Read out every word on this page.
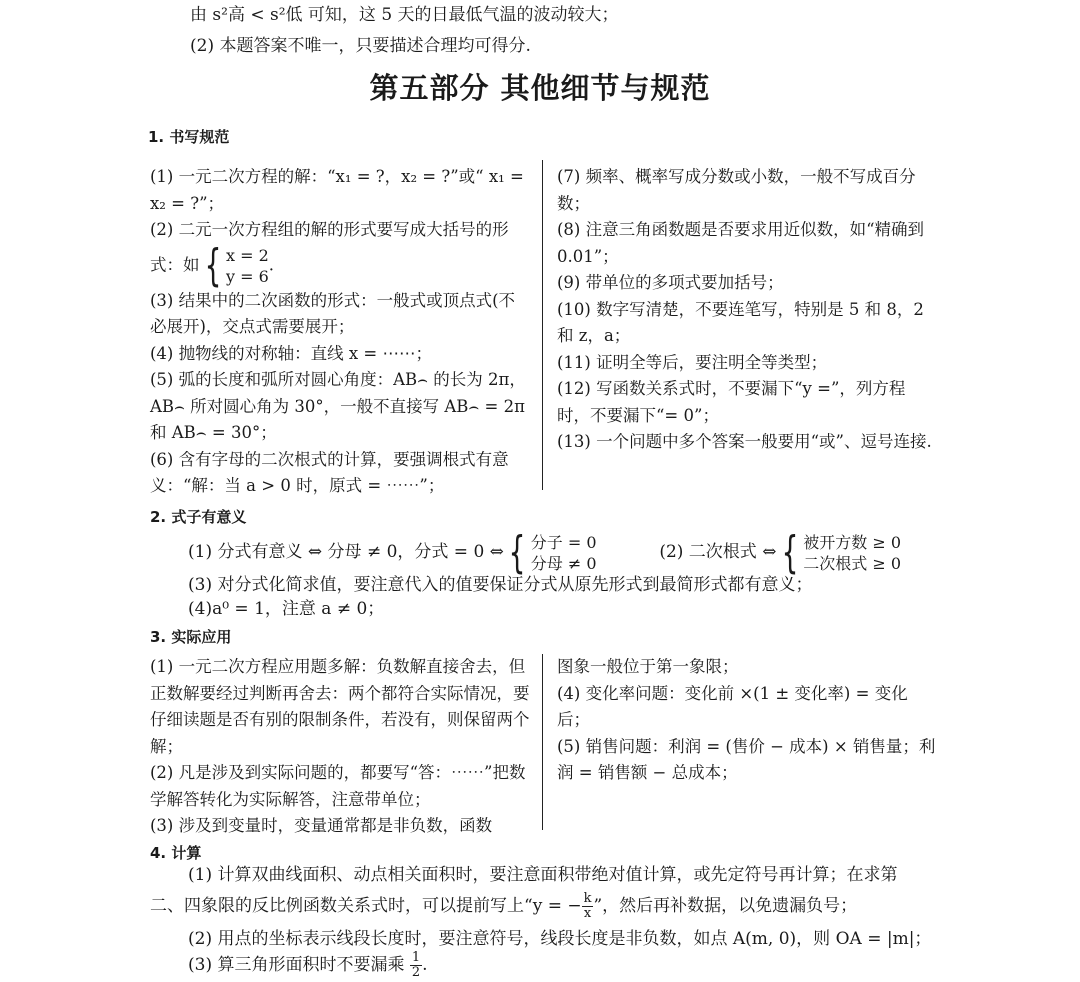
由 s²高 < s²低 可知，这 5 天的日最低气温的波动较大；
(2) 本题答案不唯一，只要描述合理均可得分.
第五部分 其他细节与规范
1. 书写规范

(1) 一元二次方程的解：“x₁ = ?，x₂ = ?”或“ x₁ = x₂ = ?”；

(2) 二元一次方程组的解的形式要写成大括号的形式：如 { x = 2
y = 6
.

(3) 结果中的二次函数的形式：一般式或顶点式(不必展开)，交点式需要展开；

(4) 抛物线的对称轴：直线 x = ⋯⋯；

(5) 弧的长度和弧所对圆心角度：AB⌢ 的长为 2π，AB⌢ 所对圆心角为 30°，一般不直接写 AB⌢ = 2π 和 AB⌢ = 30°；

(6) 含有字母的二次根式的计算，要强调根式有意义：“解：当 a > 0 时，原式 = ⋯⋯”；

(7) 频率、概率写成分数或小数，一般不写成百分数；

(8) 注意三角函数题是否要求用近似数，如“精确到 0.01”；

(9) 带单位的多项式要加括号；

(10) 数字写清楚，不要连笔写，特别是 5 和 8，2 和 z，a；

(11) 证明全等后，要注明全等类型；

(12) 写函数关系式时，不要漏下“y =”，列方程时，不要漏下“= 0”；

(13) 一个问题中多个答案一般要用“或”、逗号连接.

2. 式子有意义
(1) 分式有意义 ⇔ 分母 ≠ 0，分式 = 0 ⇔ { 分子 = 0
分母 ≠ 0
(2) 二次根式 ⇔ { 被开方数 ≥ 0
二次根式 ≥ 0
(3) 对分式化简求值，要注意代入的值要保证分式从原先形式到最简形式都有意义；
(4)a⁰ = 1，注意 a ≠ 0；
3. 实际应用

(1) 一元二次方程应用题多解：负数解直接舍去，但正数解要经过判断再舍去：两个都符合实际情况，要仔细读题是否有别的限制条件，若没有，则保留两个解；

(2) 凡是涉及到实际问题的，都要写“答：⋯⋯”把数学解答转化为实际解答，注意带单位；

(3) 涉及到变量时，变量通常都是非负数，函数

图象一般位于第一象限；

(4) 变化率问题：变化前 ×(1 ± 变化率) = 变化后；

(5) 销售问题：利润 = (售价 − 成本) × 销售量；利润 = 销售额 − 总成本；

4. 计算
(1) 计算双曲线面积、动点相关面积时，要注意面积带绝对值计算，或先定符号再计算；在求第
二、四象限的反比例函数关系式时，可以提前写上“y = − $\frac{k}{x}$ ”，然后再补数据，以免遗漏负号；
(2) 用点的坐标表示线段长度时，要注意符号，线段长度是非负数，如点 A(m, 0)，则 OA = |m|；
(3) 算三角形面积时不要漏乘 $\frac{1}{2}$ .
